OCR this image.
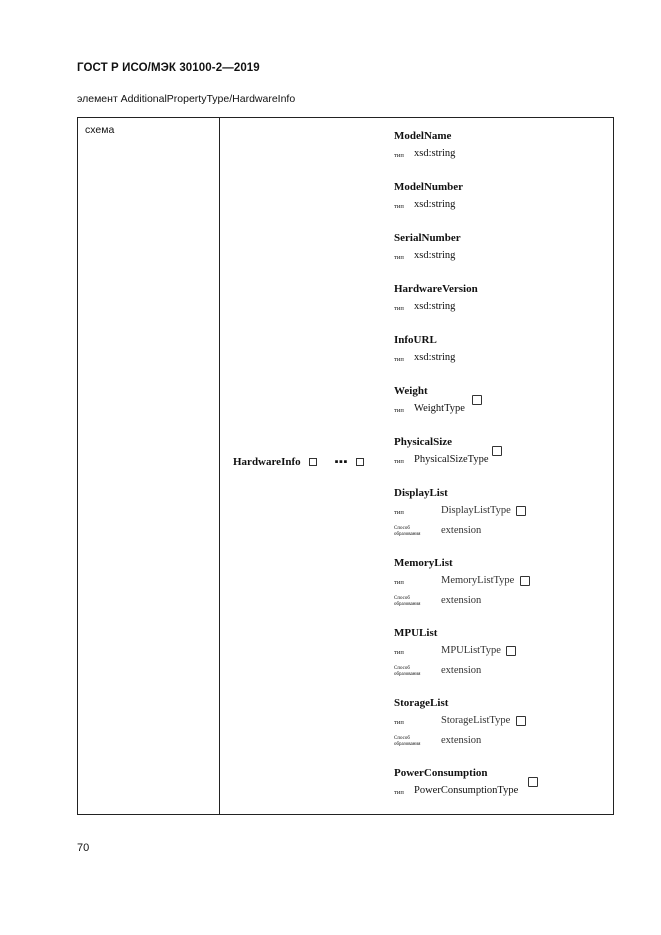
ГОСТ Р ИСО/МЭК 30100-2—2019
элемент AdditionalPropertyType/HardwareInfo
схема
HardwareInfo	▪▪▪
ModelName
тип xsd:string
ModelNumber
тип xsd:string
SerialNumber
тип xsd:string
HardwareVersion
тип xsd:string
InfoURL
тип xsd:string
Weight
тип WeightType
PhysicalSize
тип PhysicalSizeType
DisplayList
тип	DisplayListType
Способ образования	extension
MemoryList
тип	MemoryListType
Способ образования	extension
MPUList
тип	MPUListType
Способ образования	extension
StorageList
тип	StorageListType
Способ образования	extension
PowerConsumption
тип PowerConsumptionType
70
